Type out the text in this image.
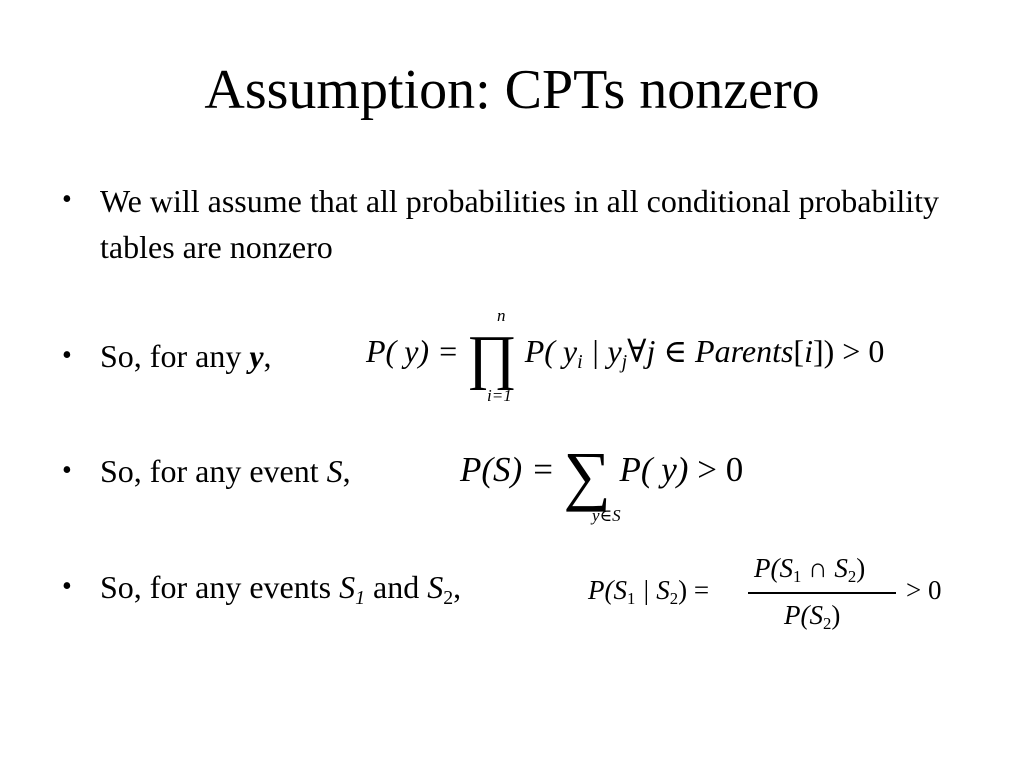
Assumption: CPTs nonzero
• We will assume that all probabilities in all conditional probability tables are nonzero
• So, for any y,	P( y) = ∏ P( $y_i$ | $y_j\forall j$ ∈ Parents[i]) > 0
n
i=1
• So, for any event S,	P(S) = ∑ P( y) > 0
y∈S
• So, for any events $S_1$ and $S_2$,	$P(S_1$ | $S_2$) =
$P(S_1$ ∩ $S_2$)
$P(S_2)$
> 0
